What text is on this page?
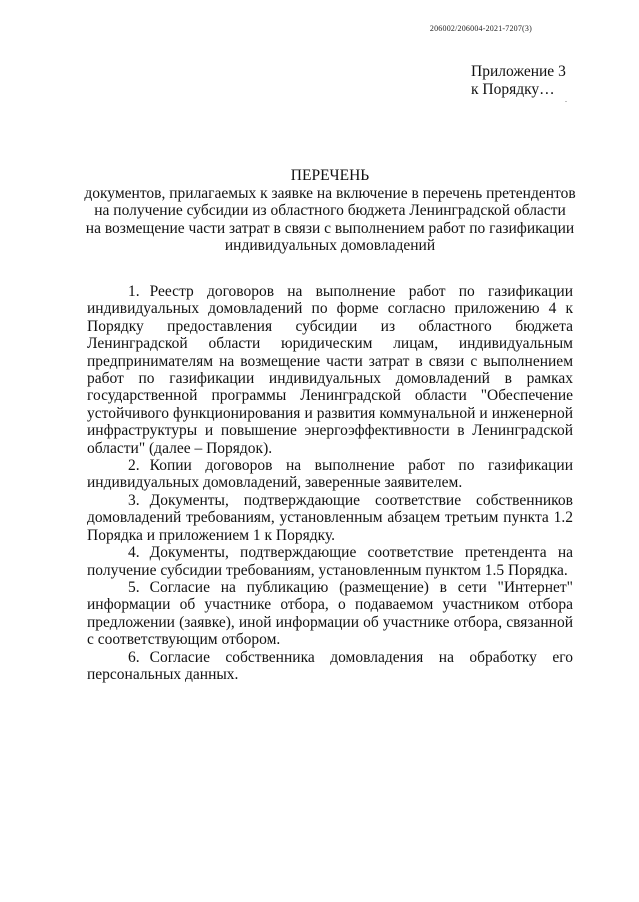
206002/206004-2021-7207(3)
Приложение 3
к Порядку…
.
ПЕРЕЧЕНЬ
документов, прилагаемых к заявке на включение в перечень претендентов
на получение субсидии из областного бюджета Ленинградской области
на возмещение части затрат в связи с выполнением работ по газификации
индивидуальных домовладений

1. Реестр договоров на выполнение работ по газификации индивидуальных домовладений по форме согласно приложению 4 к Порядку предоставления субсидии из областного бюджета Ленинградской области юридическим лицам, индивидуальным предпринимателям на возмещение части затрат в связи с выполнением работ по газификации индивидуальных домовладений в рамках государственной программы Ленинградской области "Обеспечение устойчивого функционирования и развития коммунальной и инженерной инфраструктуры и повышение энергоэффективности в Ленинградской области" (далее – Порядок).

2. Копии договоров на выполнение работ по газификации индивидуальных домовладений, заверенные заявителем.

3. Документы, подтверждающие соответствие собственников домовладений требованиям, установленным абзацем третьим пункта 1.2 Порядка и приложением 1 к Порядку.

4. Документы, подтверждающие соответствие претендента на получение субсидии требованиям, установленным пунктом 1.5 Порядка.

5. Согласие на публикацию (размещение) в сети "Интернет" информации об участнике отбора, о подаваемом участником отбора предложении (заявке), иной информации об участнике отбора, связанной с соответствующим отбором.

6. Согласие собственника домовладения на обработку его персональных данных.
